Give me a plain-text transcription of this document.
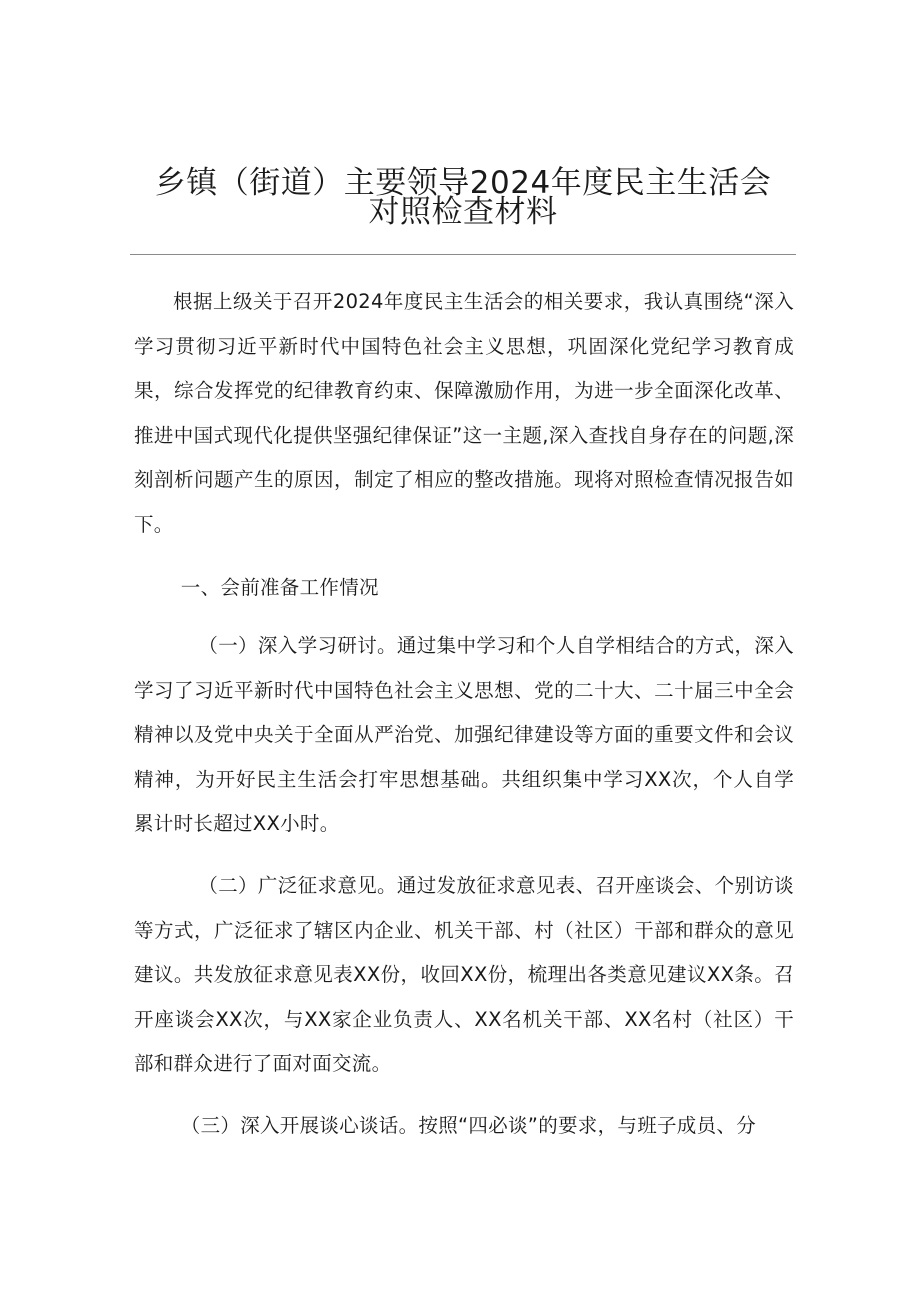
乡镇（街道）主要领导2024年度民主生活会
对照检查材料

根据上级关于召开2024年度民主生活会的相关要求，我认真围绕“深入学习贯彻习近平新时代中国特色社会主义思想，巩固深化党纪学习教育成果，综合发挥党的纪律教育约束、保障激励作用，为进一步全面深化改革、推进中国式现代化提供坚强纪律保证”这一主题,深入查找自身存在的问题,深刻剖析问题产生的原因，制定了相应的整改措施。现将对照检查情况报告如下。

一、会前准备工作情况

（一）深入学习研讨。通过集中学习和个人自学相结合的方式，深入学习了习近平新时代中国特色社会主义思想、党的二十大、二十届三中全会精神以及党中央关于全面从严治党、加强纪律建设等方面的重要文件和会议精神，为开好民主生活会打牢思想基础。共组织集中学习XX次，个人自学累计时长超过XX小时。

（二）广泛征求意见。通过发放征求意见表、召开座谈会、个别访谈等方式，广泛征求了辖区内企业、机关干部、村（社区）干部和群众的意见建议。共发放征求意见表XX份，收回XX份，梳理出各类意见建议XX条。召开座谈会XX次，与XX家企业负责人、XX名机关干部、XX名村（社区）干部和群众进行了面对面交流。

（三）深入开展谈心谈话。按照“四必谈”的要求，与班子成员、分
